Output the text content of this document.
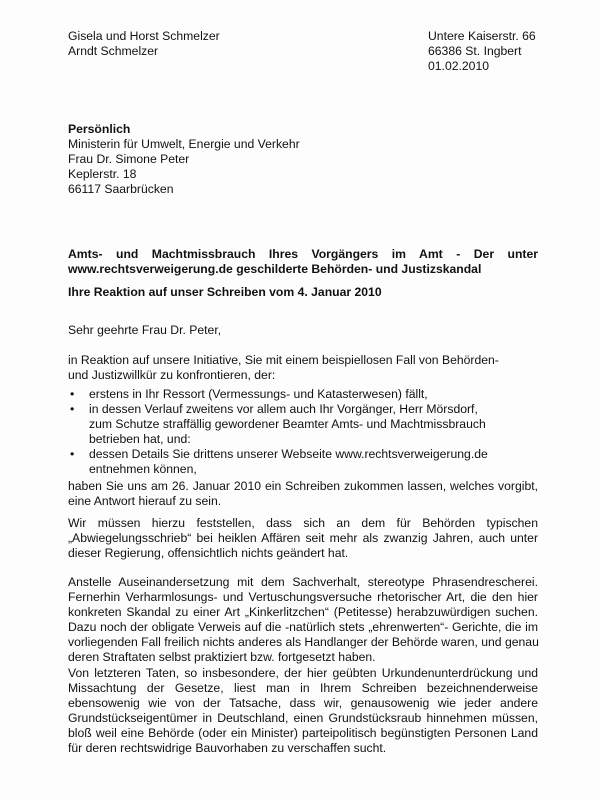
Gisela und Horst Schmelzer
Arndt Schmelzer
Untere Kaiserstr. 66
66386 St. Ingbert
01.02.2010
Persönlich
Ministerin für Umwelt, Energie und Verkehr
Frau Dr. Simone Peter
Keplerstr. 18
66117 Saarbrücken
Amts- und Machtmissbrauch Ihres Vorgängers im Amt - Der unter
www.rechtsverweigerung.de geschilderte Behörden- und Justizskandal
Ihre Reaktion auf unser Schreiben vom 4. Januar 2010
Sehr geehrte Frau Dr. Peter,
in Reaktion auf unsere Initiative, Sie mit einem beispiellosen Fall von Behörden-
und Justizwillkür zu konfrontieren, der:
• erstens in Ihr Ressort (Vermessungs- und Katasterwesen) fällt,
• in dessen Verlauf zweitens vor allem auch Ihr Vorgänger, Herr Mörsdorf,
zum Schutze straffällig gewordener Beamter Amts- und Machtmissbrauch
betrieben hat, und:
• dessen Details Sie drittens unserer Webseite www.rechtsverweigerung.de
entnehmen können,
haben Sie uns am 26. Januar 2010 ein Schreiben zukommen lassen, welches vorgibt,
eine Antwort hierauf zu sein.
Wir müssen hierzu feststellen, dass sich an dem für Behörden typischen
„Abwiegelungsschrieb“ bei heiklen Affären seit mehr als zwanzig Jahren, auch unter
dieser Regierung, offensichtlich nichts geändert hat.
Anstelle Auseinandersetzung mit dem Sachverhalt, stereotype Phrasendrescherei.
Fernerhin Verharmlosungs- und Vertuschungsversuche rhetorischer Art, die den hier
konkreten Skandal zu einer Art „Kinkerlitzchen“ (Petitesse) herabzuwürdigen suchen.
Dazu noch der obligate Verweis auf die -natürlich stets „ehrenwerten“- Gerichte, die im
vorliegenden Fall freilich nichts anderes als Handlanger der Behörde waren, und genau
deren Straftaten selbst praktiziert bzw. fortgesetzt haben.
Von letzteren Taten, so insbesondere, der hier geübten Urkundenunterdrückung und
Missachtung der Gesetze, liest man in Ihrem Schreiben bezeichnenderweise
ebensowenig wie von der Tatsache, dass wir, genausowenig wie jeder andere
Grundstückseigentümer in Deutschland, einen Grundstücksraub hinnehmen müssen,
bloß weil eine Behörde (oder ein Minister) parteipolitisch begünstigten Personen Land
für deren rechtswidrige Bauvorhaben zu verschaffen sucht.
